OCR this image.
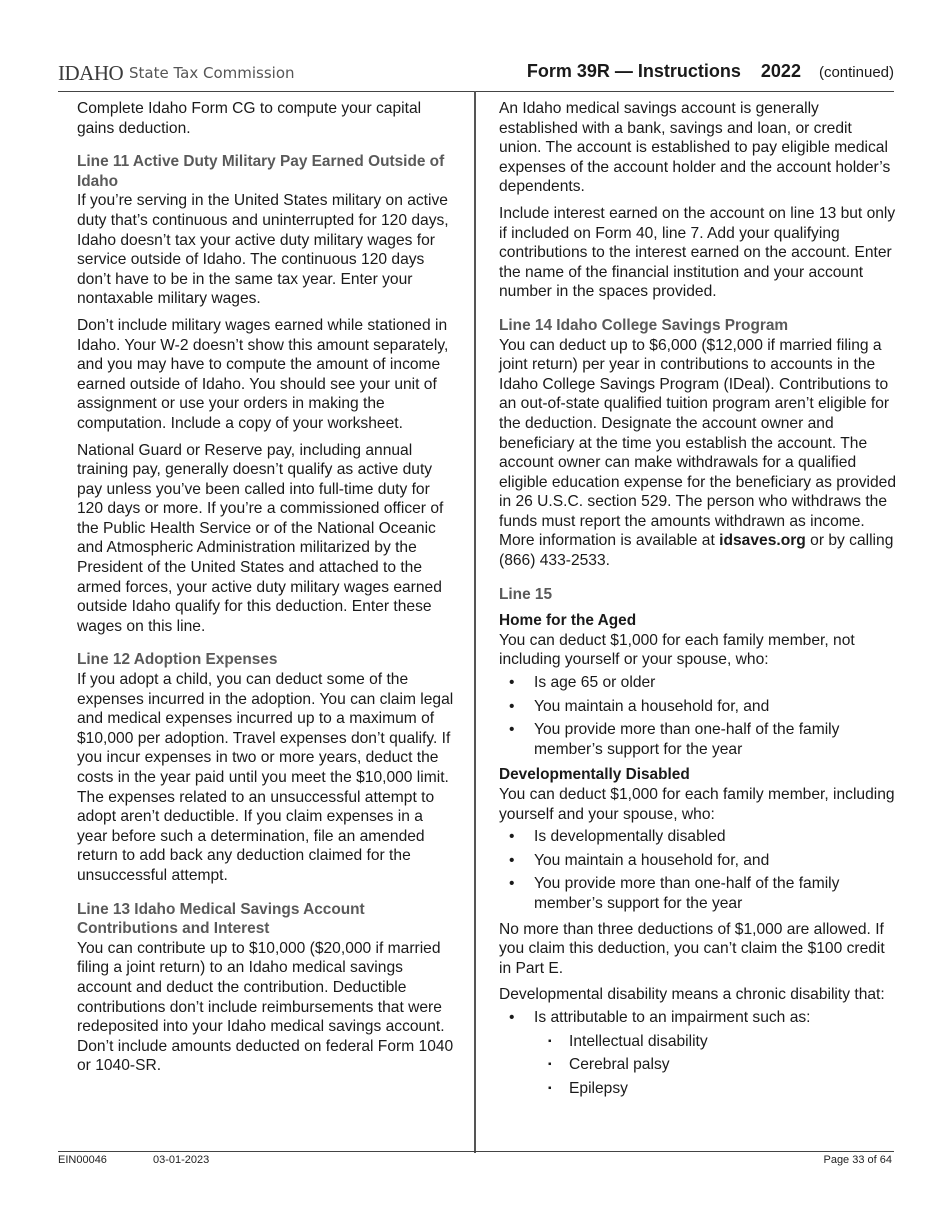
IDAHO State Tax Commission	Form 39R — Instructions 2022 (continued)

Complete Idaho Form CG to compute your capital gains deduction.

Line 11 Active Duty Military Pay Earned Outside of Idaho

If you’re serving in the United States military on active duty that’s continuous and uninterrupted for 120 days, Idaho doesn’t tax your active duty military wages for service outside of Idaho. The continuous 120 days don’t have to be in the same tax year. Enter your nontaxable military wages.

Don’t include military wages earned while stationed in Idaho. Your W-2 doesn’t show this amount separately, and you may have to compute the amount of income earned outside of Idaho. You should see your unit of assignment or use your orders in making the computation. Include a copy of your worksheet.

National Guard or Reserve pay, including annual training pay, generally doesn’t qualify as active duty pay unless you’ve been called into full-time duty for 120 days or more. If you’re a commissioned officer of the Public Health Service or of the National Oceanic and Atmospheric Administration militarized by the President of the United States and attached to the armed forces, your active duty military wages earned outside Idaho qualify for this deduction. Enter these wages on this line.

Line 12 Adoption Expenses

If you adopt a child, you can deduct some of the expenses incurred in the adoption. You can claim legal and medical expenses incurred up to a maximum of $10,000 per adoption. Travel expenses don’t qualify. If you incur expenses in two or more years, deduct the costs in the year paid until you meet the $10,000 limit. The expenses related to an unsuccessful attempt to adopt aren’t deductible. If you claim expenses in a year before such a determination, file an amended return to add back any deduction claimed for the unsuccessful attempt.

Line 13 Idaho Medical Savings Account Contributions and Interest

You can contribute up to $10,000 ($20,000 if married filing a joint return) to an Idaho medical savings account and deduct the contribution. Deductible contributions don’t include reimbursements that were redeposited into your Idaho medical savings account. Don’t include amounts deducted on federal Form 1040 or 1040-SR.

An Idaho medical savings account is generally established with a bank, savings and loan, or credit union. The account is established to pay eligible medical expenses of the account holder and the account holder’s dependents.

Include interest earned on the account on line 13 but only if included on Form 40, line 7. Add your qualifying contributions to the interest earned on the account. Enter the name of the financial institution and your account number in the spaces provided.

Line 14 Idaho College Savings Program

You can deduct up to $6,000 ($12,000 if married filing a joint return) per year in contributions to accounts in the Idaho College Savings Program (IDeal). Contributions to an out-of-state qualified tuition program aren’t eligible for the deduction. Designate the account owner and beneficiary at the time you establish the account. The account owner can make withdrawals for a qualified eligible education expense for the beneficiary as provided in 26 U.S.C. section 529. The person who withdraws the funds must report the amounts withdrawn as income. More information is available at idsaves.org or by calling (866) 433-2533.

Line 15
Home for the Aged

You can deduct $1,000 for each family member, not including yourself or your spouse, who:

• Is age 65 or older
• You maintain a household for, and
• You provide more than one-half of the family member’s support for the year
Developmentally Disabled

You can deduct $1,000 for each family member, including yourself and your spouse, who:

• Is developmentally disabled
• You maintain a household for, and
• You provide more than one-half of the family member’s support for the year

No more than three deductions of $1,000 are allowed. If you claim this deduction, you can’t claim the $100 credit in Part E.

Developmental disability means a chronic disability that:

• Is attributable to an impairment such as:
▪ Intellectual disability
▪ Cerebral palsy
▪ Epilepsy
EIN00046	03-01-2023	Page 33 of 64
